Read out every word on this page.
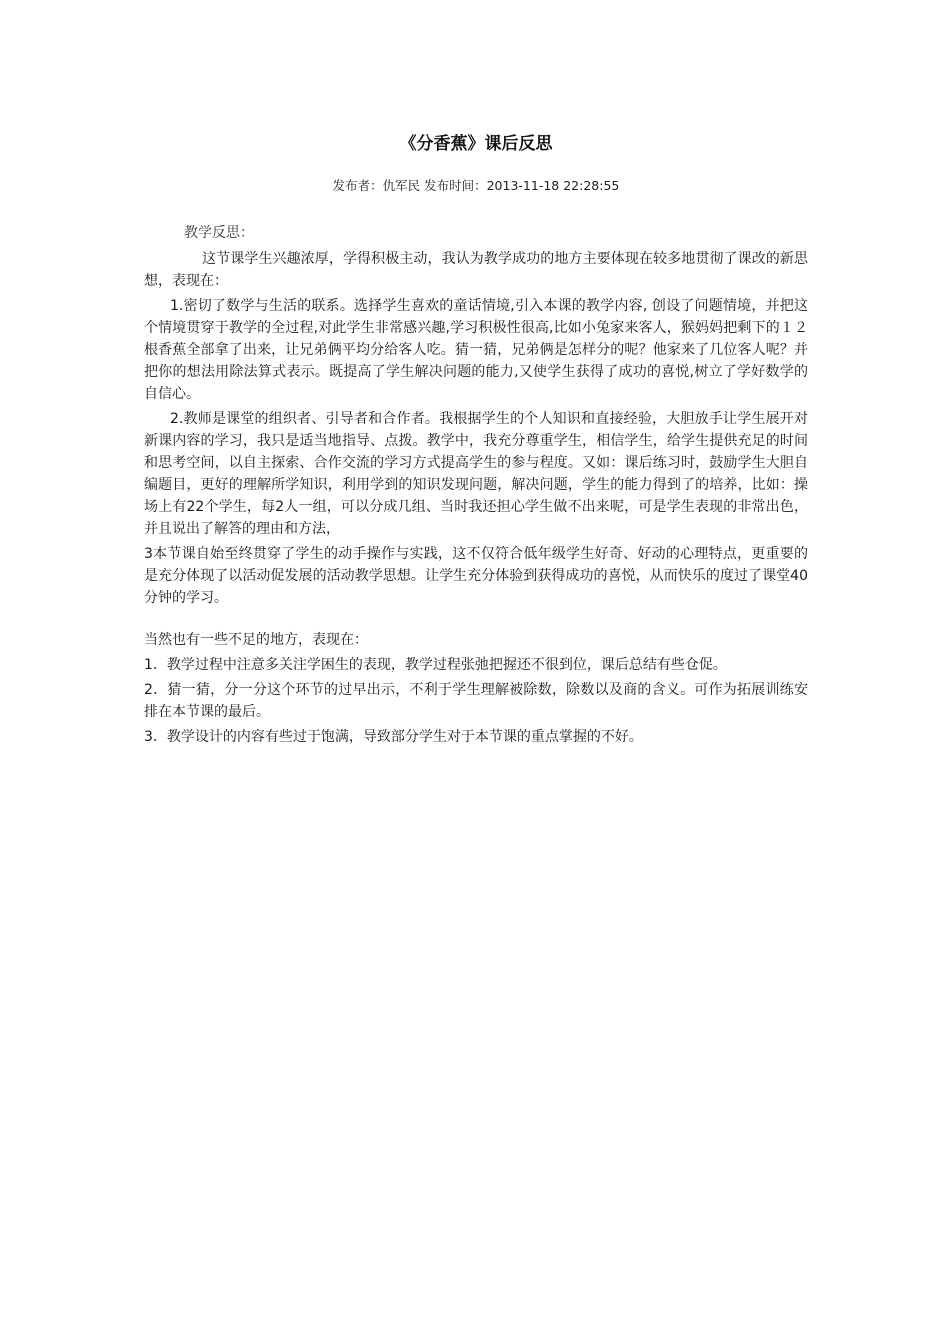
《分香蕉》课后反思
发布者：仇军民 发布时间：2013-11-18 22:28:55

教学反思：

这节课学生兴趣浓厚，学得积极主动，我认为教学成功的地方主要体现在较多地贯彻了课改的新思想，表现在：

1.密切了数学与生活的联系。选择学生喜欢的童话情境,引入本课的教学内容, 创设了问题情境，并把这个情境贯穿于教学的全过程,对此学生非常感兴趣,学习积极性很高,比如小兔家来客人，猴妈妈把剩下的１２根香蕉全部拿了出来，让兄弟俩平均分给客人吃。猜一猜，兄弟俩是怎样分的呢？他家来了几位客人呢？并把你的想法用除法算式表示。既提高了学生解决问题的能力,又使学生获得了成功的喜悦,树立了学好数学的自信心。

2.教师是课堂的组织者、引导者和合作者。我根据学生的个人知识和直接经验，大胆放手让学生展开对新课内容的学习，我只是适当地指导、点拨。教学中，我充分尊重学生，相信学生，给学生提供充足的时间和思考空间，以自主探索、合作交流的学习方式提高学生的参与程度。又如：课后练习时，鼓励学生大胆自编题目，更好的理解所学知识，利用学到的知识发现问题，解决问题，学生的能力得到了的培养，比如：操场上有22个学生，每2人一组，可以分成几组、当时我还担心学生做不出来呢，可是学生表现的非常出色，并且说出了解答的理由和方法，

3本节课自始至终贯穿了学生的动手操作与实践，这不仅符合低年级学生好奇、好动的心理特点，更重要的是充分体现了以活动促发展的活动教学思想。让学生充分体验到获得成功的喜悦，从而快乐的度过了课堂40分钟的学习。

当然也有一些不足的地方，表现在：

1．教学过程中注意多关注学困生的表现，教学过程张弛把握还不很到位，课后总结有些仓促。

2．猜一猜，分一分这个环节的过早出示，不利于学生理解被除数，除数以及商的含义。可作为拓展训练安排在本节课的最后。

3．教学设计的内容有些过于饱满，导致部分学生对于本节课的重点掌握的不好。
